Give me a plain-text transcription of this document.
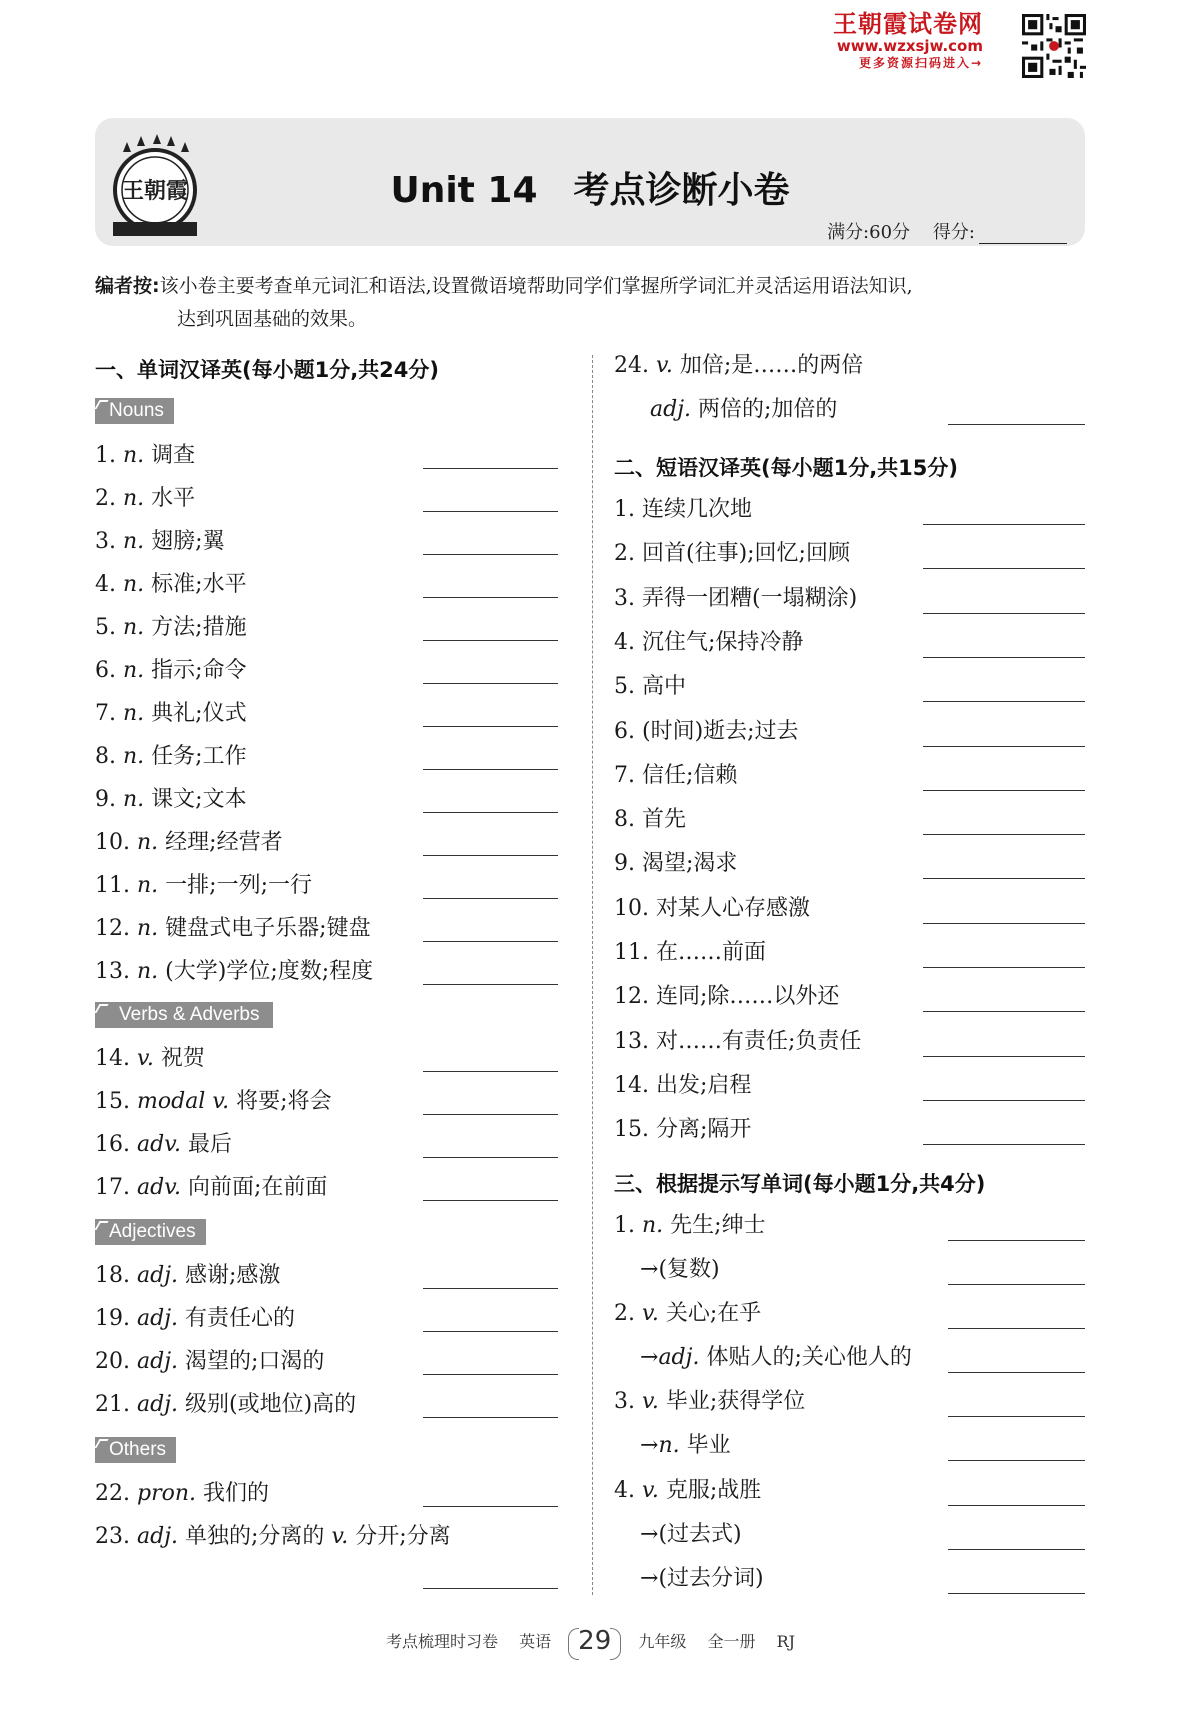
王朝霞试卷网
www.wzxsjw.com
更多资源扫码进入→
王朝霞	Unit 14 考点诊断小卷
满分:60分 得分:
编者按:该小卷主要考查单元词汇和语法,设置微语境帮助同学们掌握所学词汇并灵活运用语法知识,
达到巩固基础的效果。
一、单词汉译英(每小题1分,共24分)
Nouns
Verbs & Adverbs
Adjectives
Others
1. n. 调查
2. n. 水平
3. n. 翅膀;翼
4. n. 标准;水平
5. n. 方法;措施
6. n. 指示;命令
7. n. 典礼;仪式
8. n. 任务;工作
9. n. 课文;文本
10. n. 经理;经营者
11. n. 一排;一列;一行
12. n. 键盘式电子乐器;键盘
13. n. (大学)学位;度数;程度
14. v. 祝贺
15. modal v. 将要;将会
16. adv. 最后
17. adv. 向前面;在前面
18. adj. 感谢;感激
19. adj. 有责任心的
20. adj. 渴望的;口渴的
21. adj. 级别(或地位)高的
22. pron. 我们的
23. adj. 单独的;分离的 v. 分开;分离
24. v. 加倍;是……的两倍
adj. 两倍的;加倍的
二、短语汉译英(每小题1分,共15分)
1. 连续几次地
2. 回首(往事);回忆;回顾
3. 弄得一团糟(一塌糊涂)
4. 沉住气;保持冷静
5. 高中
6. (时间)逝去;过去
7. 信任;信赖
8. 首先
9. 渴望;渴求
10. 对某人心存感激
11. 在……前面
12. 连同;除……以外还
13. 对……有责任;负责任
14. 出发;启程
15. 分离;隔开
三、根据提示写单词(每小题1分,共4分)
1. n. 先生;绅士
→(复数)
2. v. 关心;在乎
→adj. 体贴人的;关心他人的
3. v. 毕业;获得学位
→n. 毕业
4. v. 克服;战胜
→(过去式)
→(过去分词)
考点梳理时习卷 英语 29 九年级 全一册 RJ
